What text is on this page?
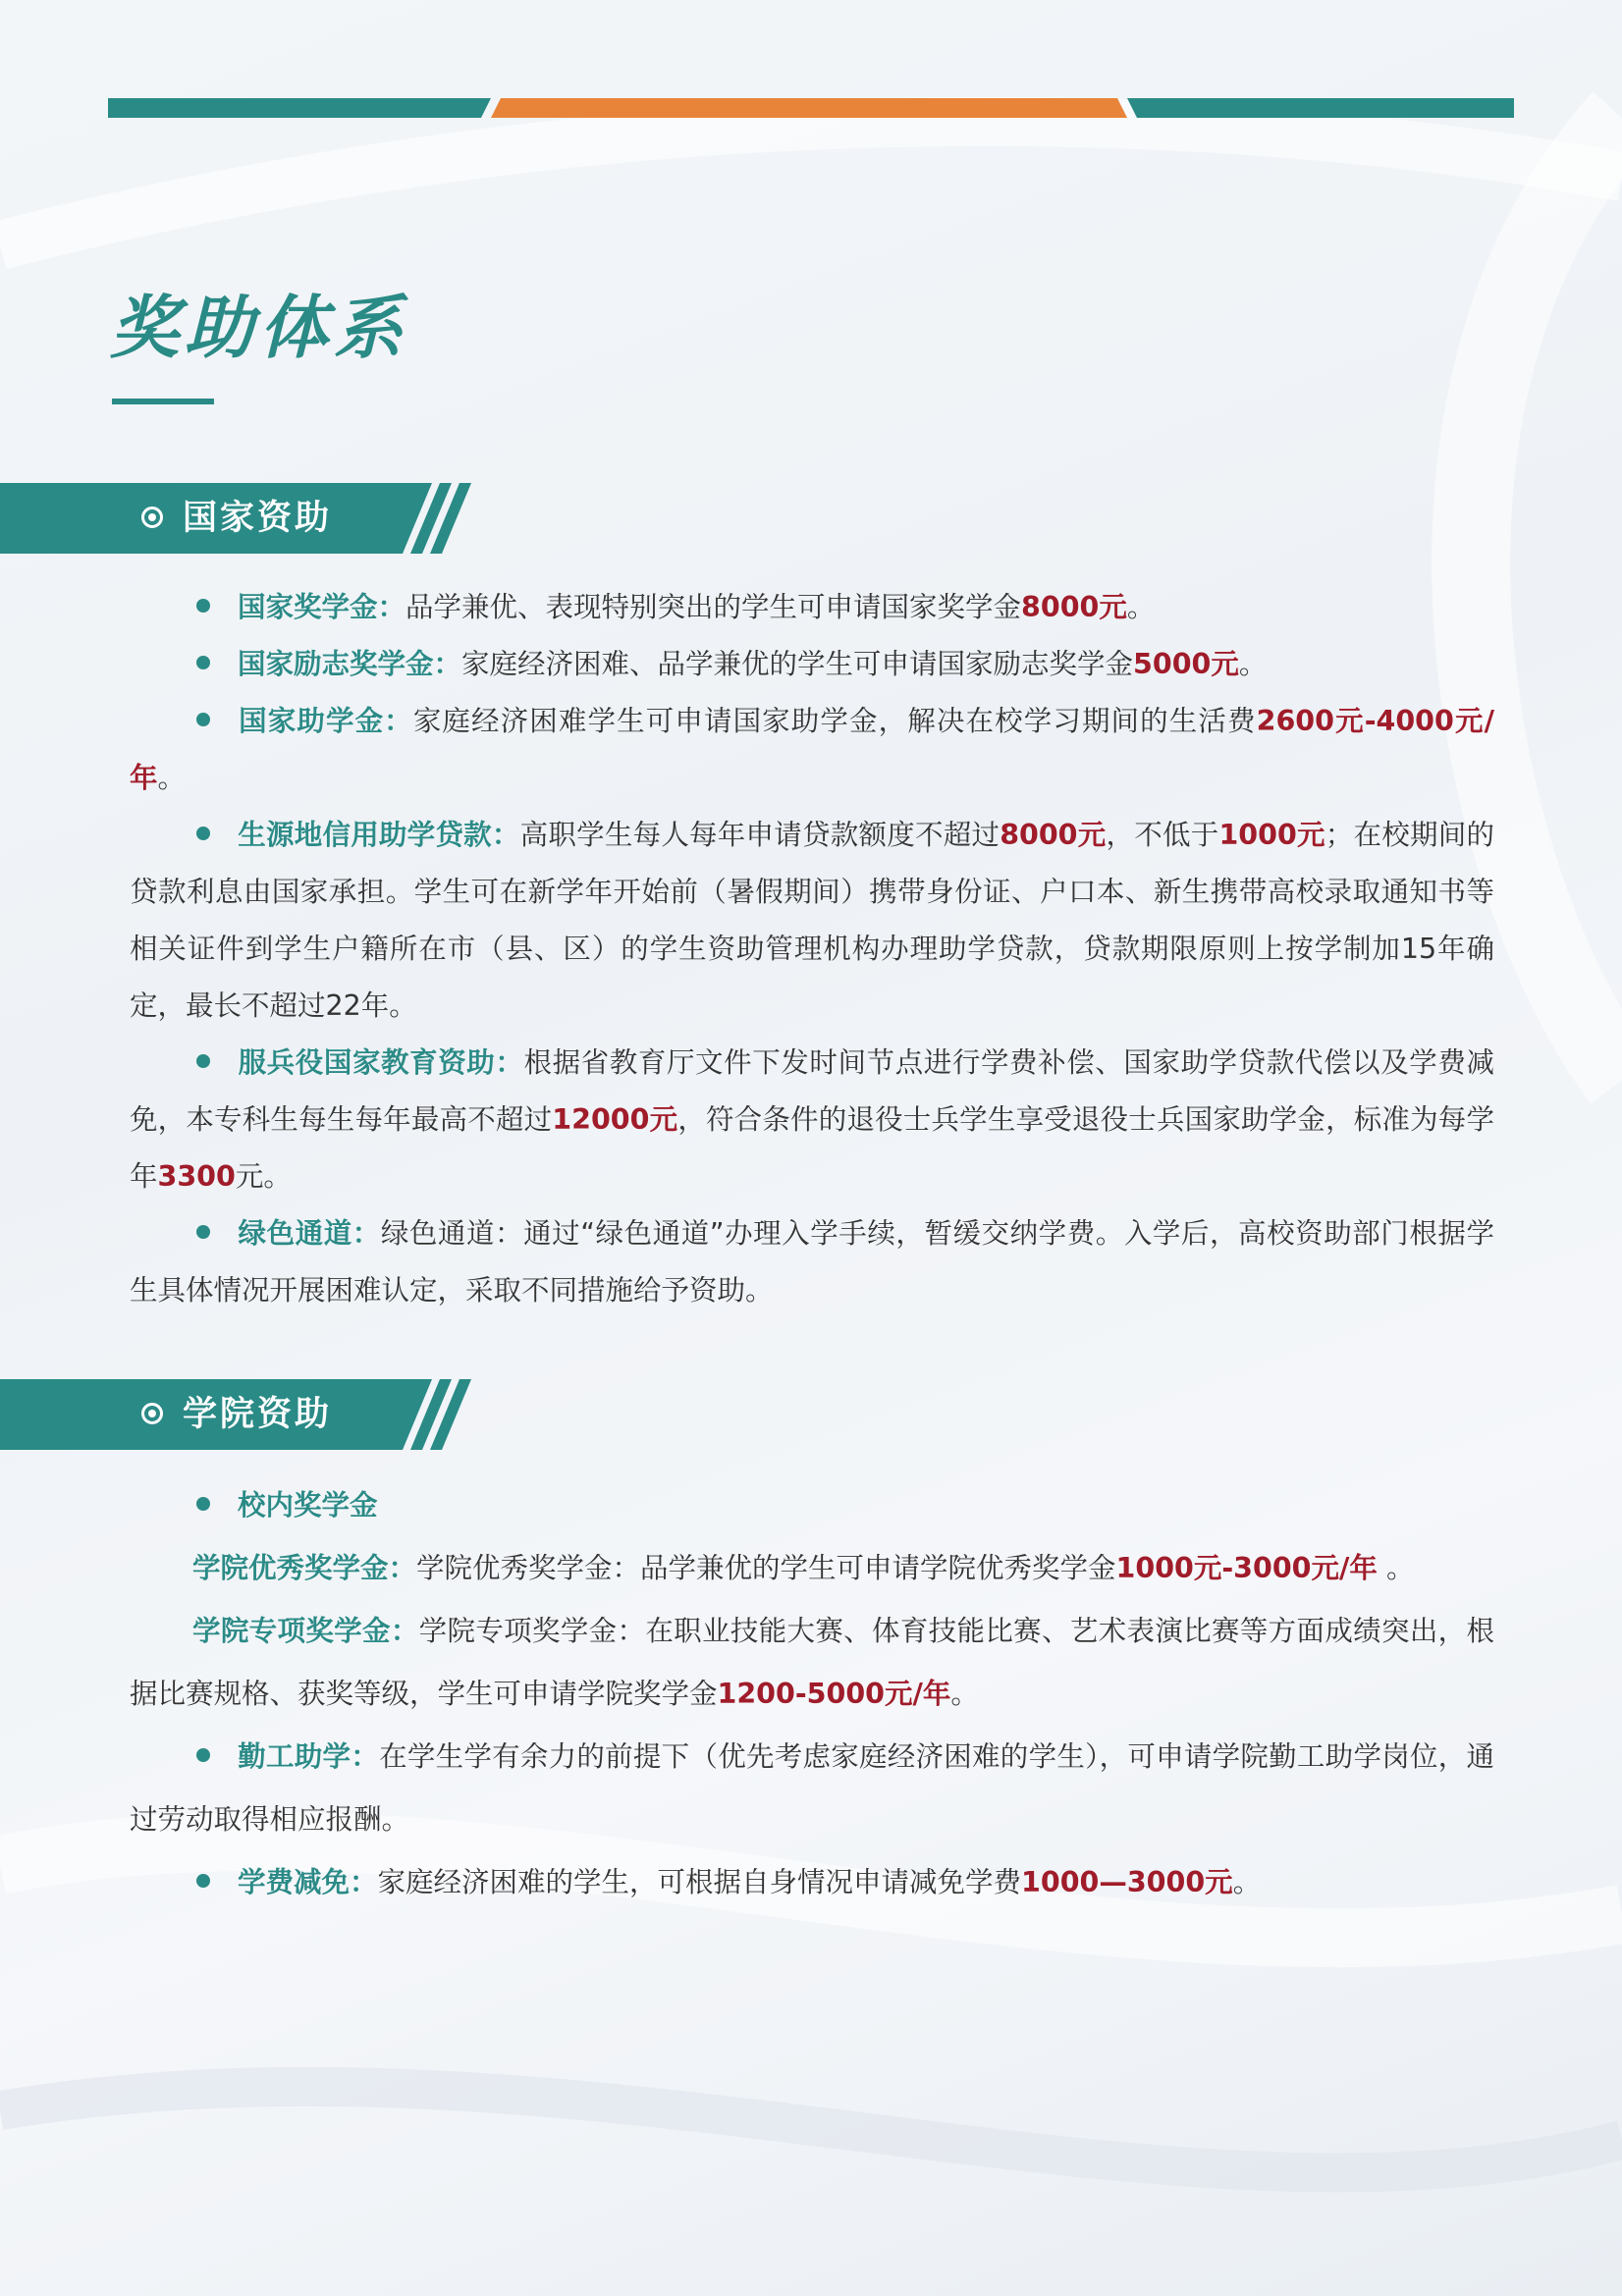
奖助体系
国家资助

国家奖学金：品学兼优、表现特别突出的学生可申请国家奖学金8000元。

国家励志奖学金：家庭经济困难、品学兼优的学生可申请国家励志奖学金5000元。

国家助学金：家庭经济困难学生可申请国家助学金，解决在校学习期间的生活费2600元-4000元/年。

生源地信用助学贷款：高职学生每人每年申请贷款额度不超过8000元，不低于1000元；在校期间的贷款利息由国家承担。学生可在新学年开始前（暑假期间）携带身份证、户口本、新生携带高校录取通知书等相关证件到学生户籍所在市（县、区）的学生资助管理机构办理助学贷款，贷款期限原则上按学制加15年确定，最长不超过22年。

服兵役国家教育资助：根据省教育厅文件下发时间节点进行学费补偿、国家助学贷款代偿以及学费减免，本专科生每生每年最高不超过12000元，符合条件的退役士兵学生享受退役士兵国家助学金，标准为每学年3300元。

绿色通道：绿色通道：通过“绿色通道”办理入学手续，暂缓交纳学费。入学后，高校资助部门根据学生具体情况开展困难认定，采取不同措施给予资助。

学院资助

校内奖学金

学院优秀奖学金：学院优秀奖学金：品学兼优的学生可申请学院优秀奖学金1000元-3000元/年 。

学院专项奖学金：学院专项奖学金：在职业技能大赛、体育技能比赛、艺术表演比赛等方面成绩突出，根据比赛规格、获奖等级，学生可申请学院奖学金1200-5000元/年。

勤工助学：在学生学有余力的前提下（优先考虑家庭经济困难的学生），可申请学院勤工助学岗位，通过劳动取得相应报酬。

学费减免：家庭经济困难的学生，可根据自身情况申请减免学费1000—3000元。
